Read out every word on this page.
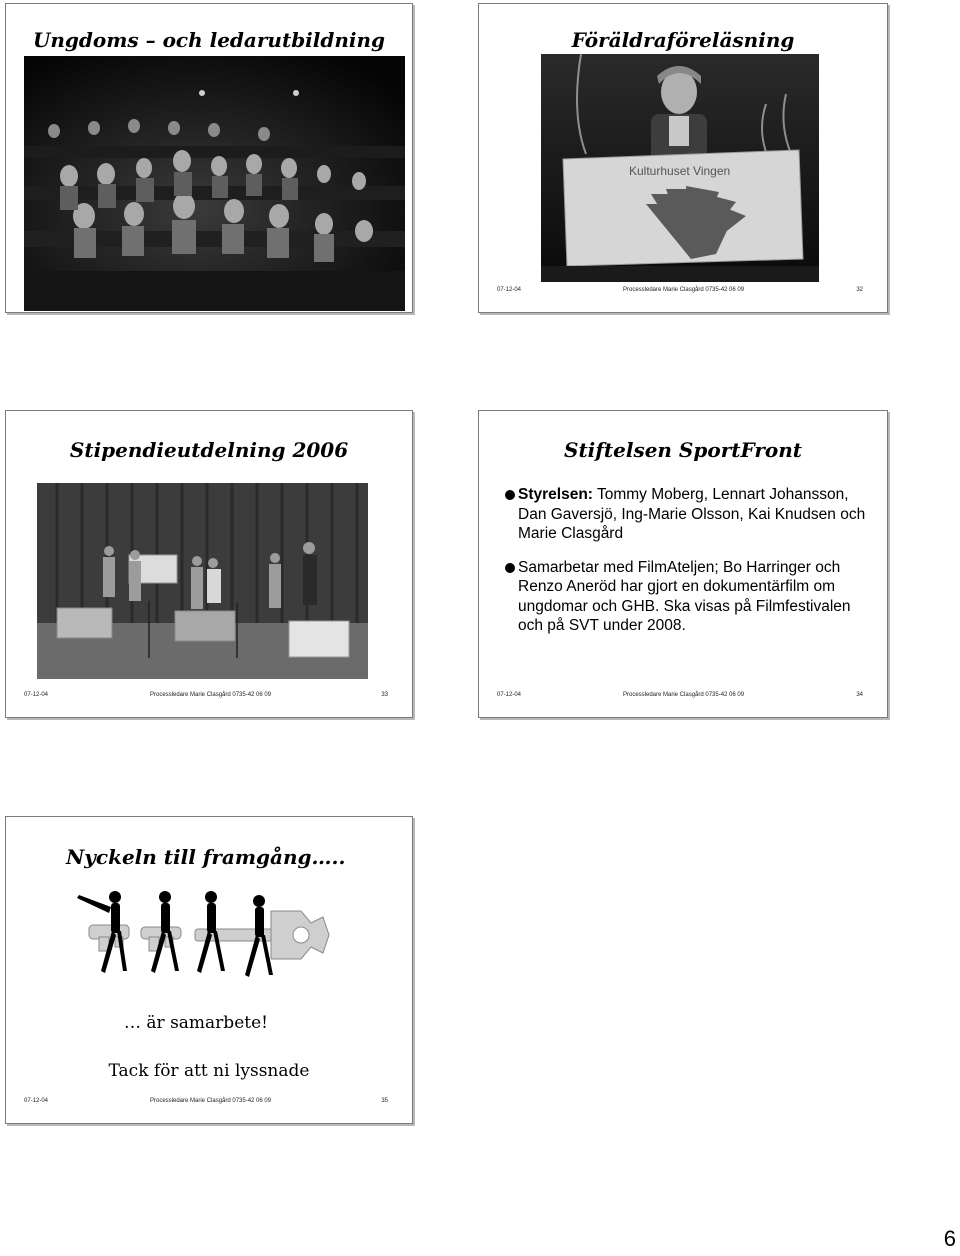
Ungdoms – och ledarutbildning	Föräldraföreläsning
Kulturhuset Vingen
07-12-04	Processledare Marie Clasgård 0735-42 06 09	32
Stipendieutdelning 2006
07-12-04	Processledare Marie Clasgård 0735-42 06 09	33
Stiftelsen SportFront
Styrelsen: Tommy Moberg, Lennart Johansson, Dan Gaversjö, Ing-Marie Olsson, Kai Knudsen och Marie Clasgård
Samarbetar med FilmAteljen; Bo Harringer och Renzo Aneröd har gjort en dokumentärfilm om ungdomar och GHB. Ska visas på Filmfestivalen och på SVT under 2008.
07-12-04	Processledare Marie Clasgård 0735-42 06 09	34
Nyckeln till framgång…..
… är samarbete!
Tack för att ni lyssnade
07-12-04	Processledare Marie Clasgård 0735-42 06 09	35
6
